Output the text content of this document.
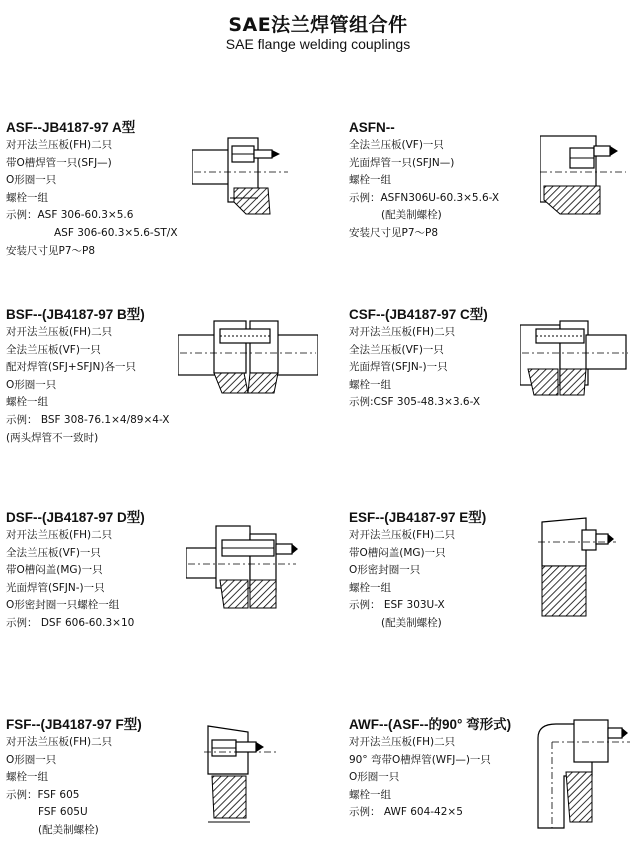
SAE法兰焊管组合件
SAE flange welding couplings
ASF--JB4187-97 A型
对开法兰压板(FH)二只
带O槽焊管一只(SFJ—)
O形圈一只
螺栓一组
示例：ASF 306-60.3×5.6
ASF 306-60.3×5.6-ST/X
安装尺寸见P7～P8
ASFN--
全法兰压板(VF)一只
光面焊管一只(SFJN—)
螺栓一组
示例：ASFN306U-60.3×5.6-X
(配美制螺栓)
安装尺寸见P7～P8
BSF--(JB4187-97 B型)
对开法兰压板(FH)二只
全法兰压板(VF)一只
配对焊管(SFJ+SFJN)各一只
O形圈一只
螺栓一组
示例： BSF 308-76.1×4/89×4-X
(两头焊管不一致时)
CSF--(JB4187-97 C型)
对开法兰压板(FH)二只
全法兰压板(VF)一只
光面焊管(SFJN-)一只
螺栓一组
示例:CSF 305-48.3×3.6-X
DSF--(JB4187-97 D型)
对开法兰压板(FH)二只
全法兰压板(VF)一只
带O槽闷盖(MG)一只
光面焊管(SFJN-)一只
O形密封圈一只螺栓一组
示例： DSF 606-60.3×10
ESF--(JB4187-97 E型)
对开法兰压板(FH)二只
带O槽闷盖(MG)一只
O形密封圈一只
螺栓一组
示例： ESF 303U-X
(配美制螺栓)
FSF--(JB4187-97 F型)
对开法兰压板(FH)二只
O形圈一只
螺栓一组
示例：FSF 605
FSF 605U
(配美制螺栓)
AWF--(ASF--的90° 弯形式)
对开法兰压板(FH)二只
90° 弯带O槽焊管(WFJ—)一只
O形圈一只
螺栓一组
示例： AWF 604-42×5
